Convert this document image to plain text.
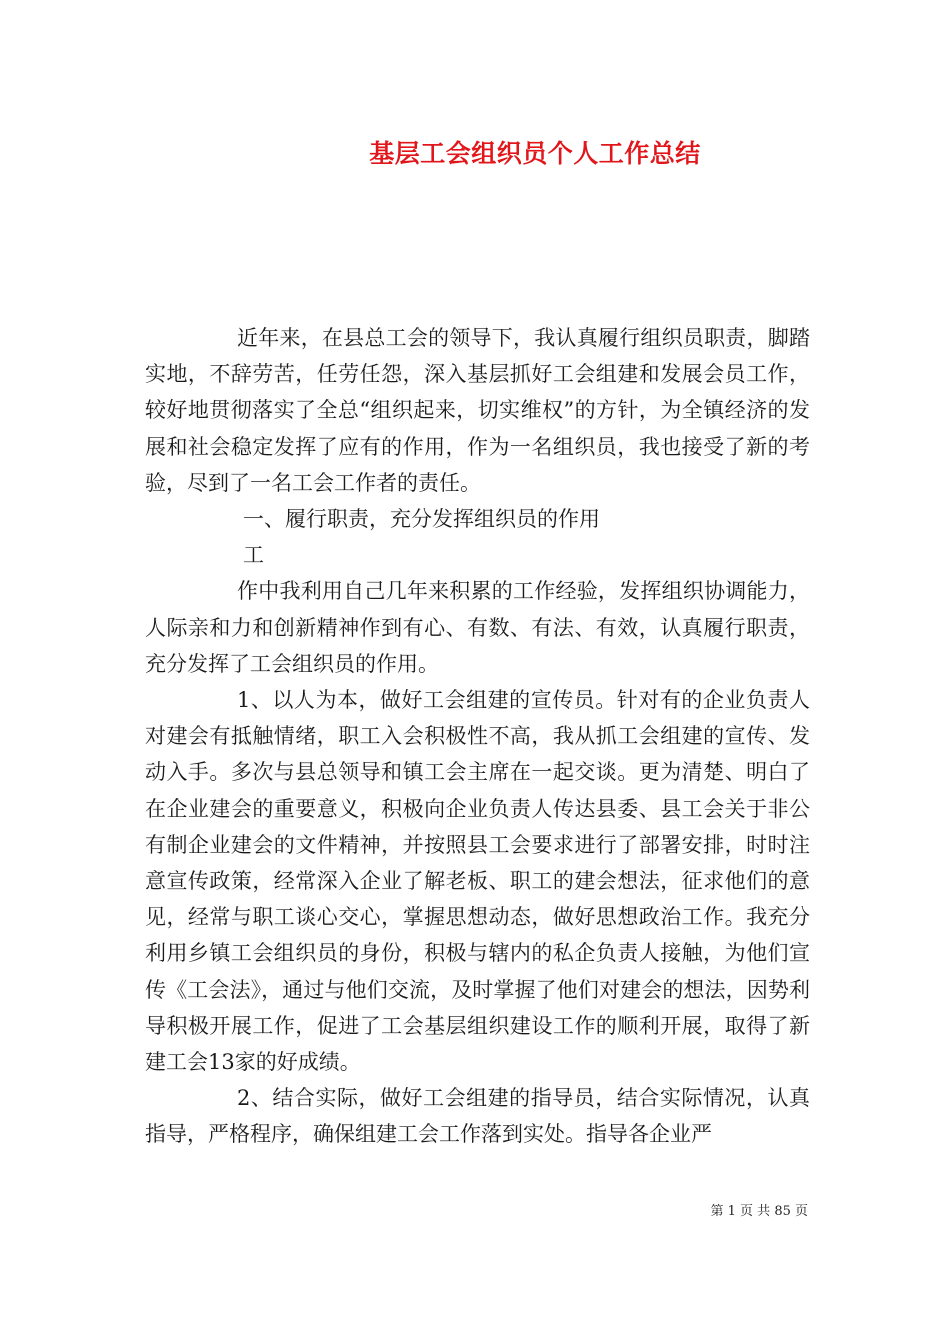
基层工会组织员个人工作总结

近年来，在县总工会的领导下，我认真履行组织员职责，脚踏实地，不辞劳苦，任劳任怨，深入基层抓好工会组建和发展会员工作，较好地贯彻落实了全总“组织起来，切实维权”的方针，为全镇经济的发展和社会稳定发挥了应有的作用，作为一名组织员，我也接受了新的考验，尽到了一名工会工作者的责任。

一、履行职责，充分发挥组织员的作用

工

作中我利用自己几年来积累的工作经验，发挥组织协调能力，人际亲和力和创新精神作到有心、有数、有法、有效，认真履行职责，充分发挥了工会组织员的作用。

1、以人为本，做好工会组建的宣传员。针对有的企业负责人对建会有抵触情绪，职工入会积极性不高，我从抓工会组建的宣传、发动入手。多次与县总领导和镇工会主席在一起交谈。更为清楚、明白了在企业建会的重要意义，积极向企业负责人传达县委、县工会关于非公有制企业建会的文件精神，并按照县工会要求进行了部署安排，时时注意宣传政策，经常深入企业了解老板、职工的建会想法，征求他们的意见，经常与职工谈心交心，掌握思想动态，做好思想政治工作。我充分利用乡镇工会组织员的身份，积极与辖内的私企负责人接触，为他们宣传《工会法》，通过与他们交流，及时掌握了他们对建会的想法，因势利导积极开展工作，促进了工会基层组织建设工作的顺利开展，取得了新建工会13家的好成绩。

2、结合实际，做好工会组建的指导员，结合实际情况，认真指导，严格程序，确保组建工会工作落到实处。指导各企业严

第 1 页 共 85 页
